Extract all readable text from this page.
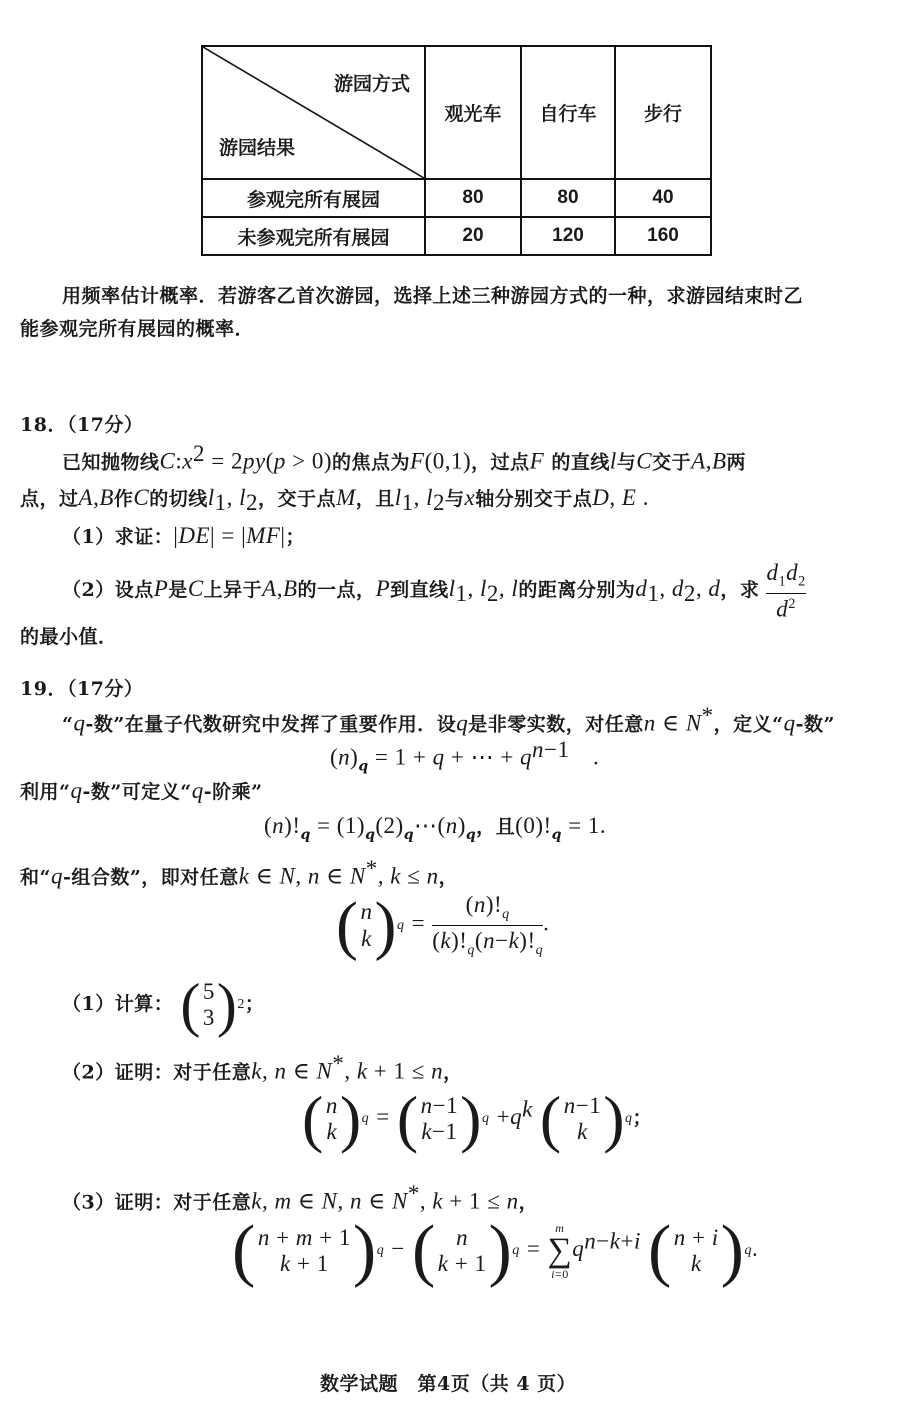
游园方式
游园结果	观光车	自行车	步行
参观完所有展园	80	80	40
未参观完所有展园	20	120	160
用频率估计概率．若游客乙首次游园，选择上述三种游园方式的一种，求游园结束时乙
能参观完所有展园的概率．
18．（17分）
已知抛物线$C:x^2 = 2py(p > 0)$的焦点为F(0,1)，过点F 的直线l与C交于A,B两
点，过A,B作C的切线$l_1$, $l_2$，交于点M，且$l_1$, $l_2$与x轴分别交于点D, E .
（1）求证：|DE| = |MF|；
（2）设点P是C上异于A,B的一点，P到直线$l_1$, $l_2$, l的距离分别为$d_1$, $d_2$, d，求 $\frac{d_1d_2}{d^2}$
的最小值．
19．（17分）
“q-数”在量子代数研究中发挥了重要作用．设q是非零实数，对任意n ∈ N*，定义“q-数”
$(n)_q = 1 + q$ + ⋯ + $q^{n-1}$　.
利用“q-数”可定义“q-阶乘”
$(n)!_q$ = $(1)_q(2)_q\cdots(n)_q$，且$(0)!_q = 1$.
和“q-组合数”，即对任意k ∈ N, n ∈ N*, k ≤ n，
( n
k ) $q = \frac{(n)!_q}{(k)!_q(n-k)!_q}$ .
（1）计算： ( 5
3 ) 2 ；
（2）证明：对于任意k, n ∈ N*, k + 1 ≤ n，
( n
k ) q = ( n−1
k−1 ) $q +q^k$ ( n−1
k ) q ；
（3）证明：对于任意k, m ∈ N, n ∈ N*, k + 1 ≤ n，
( n + m + 1
k + 1 ) q − ( n
k + 1 ) q =
m
∑
i=0
$q^{n-k+i}$ ( n + i
k ) q .
数学试题　第4页（共 4 页）
